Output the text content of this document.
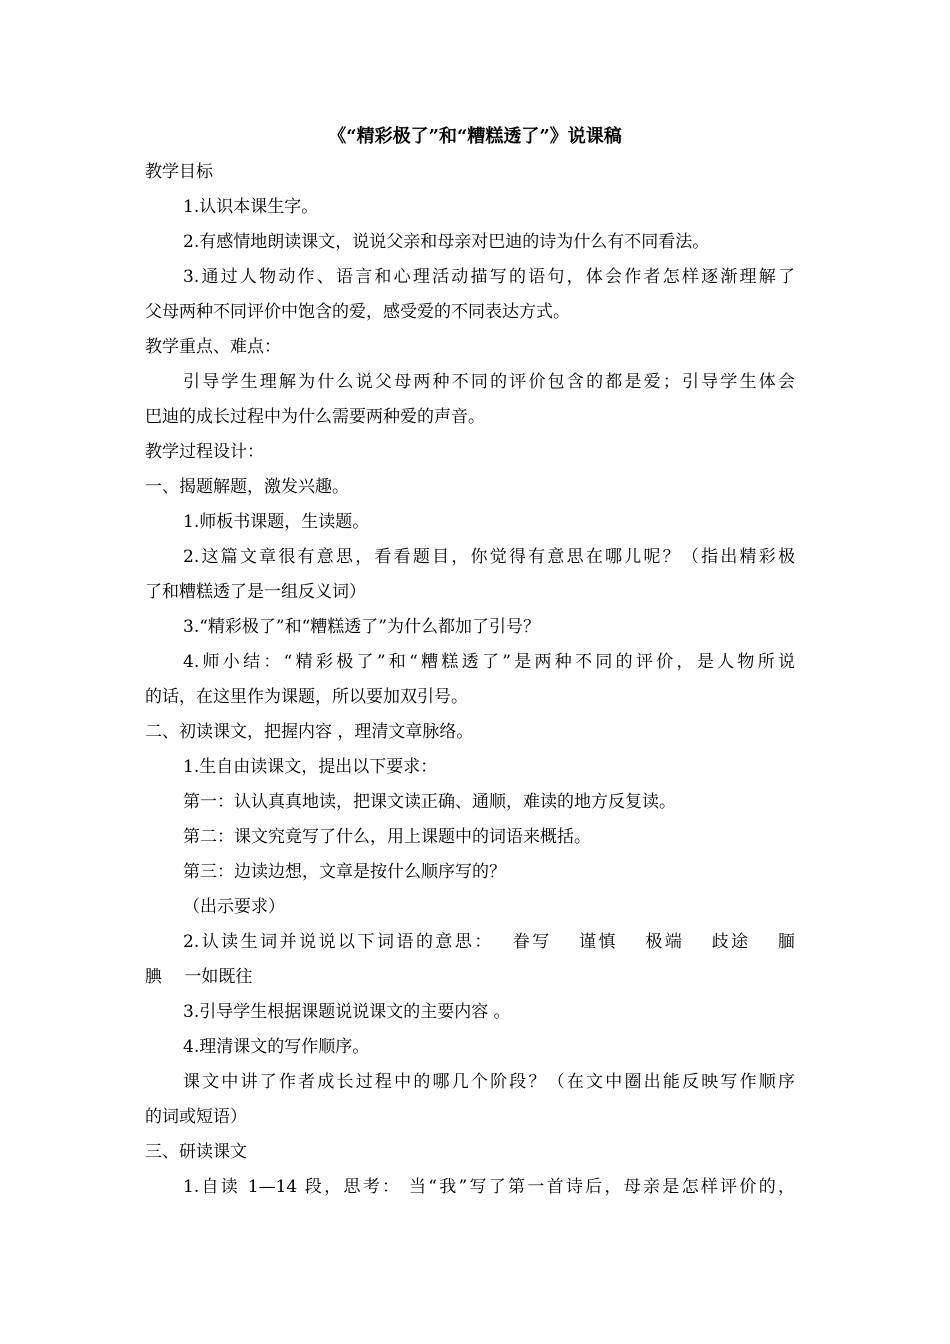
《“精彩极了”和“糟糕透了”》说课稿
教学目标
1.认识本课生字。
2.有感情地朗读课文，说说父亲和母亲对巴迪的诗为什么有不同看法。
3.通过人物动作、语言和心理活动描写的语句，体会作者怎样逐渐理解了
父母两种不同评价中饱含的爱，感受爱的不同表达方式。
教学重点、难点：
引导学生理解为什么说父母两种不同的评价包含的都是爱；引导学生体会
巴迪的成长过程中为什么需要两种爱的声音。
教学过程设计：
一、揭题解题，激发兴趣。
1.师板书课题，生读题。
2.这篇文章很有意思，看看题目，你觉得有意思在哪儿呢？（指出精彩极
了和糟糕透了是一组反义词）
3.“精彩极了”和“糟糕透了”为什么都加了引号？
4.师小结：“精彩极了”和“糟糕透了”是两种不同的评价，是人物所说
的话，在这里作为课题，所以要加双引号。
二、初读课文，把握内容 ，理清文章脉络。
1.生自由读课文，提出以下要求：
第一：认认真真地读，把课文读正确、通顺，难读的地方反复读。
第二：课文究竟写了什么，用上课题中的词语来概括。
第三：边读边想，文章是按什么顺序写的？
（出示要求）
2.认读生词并说说以下词语的意思：　 眷写　 谨慎　 极端　 歧途　 腼
腆　 一如既往
3.引导学生根据课题说说课文的主要内容 。
4.理清课文的写作顺序。
课文中讲了作者成长过程中的哪几个阶段？（在文中圈出能反映写作顺序
的词或短语）
三、研读课文
1.自读 1—14 段，思考： 当“我”写了第一首诗后，母亲是怎样评价的，
